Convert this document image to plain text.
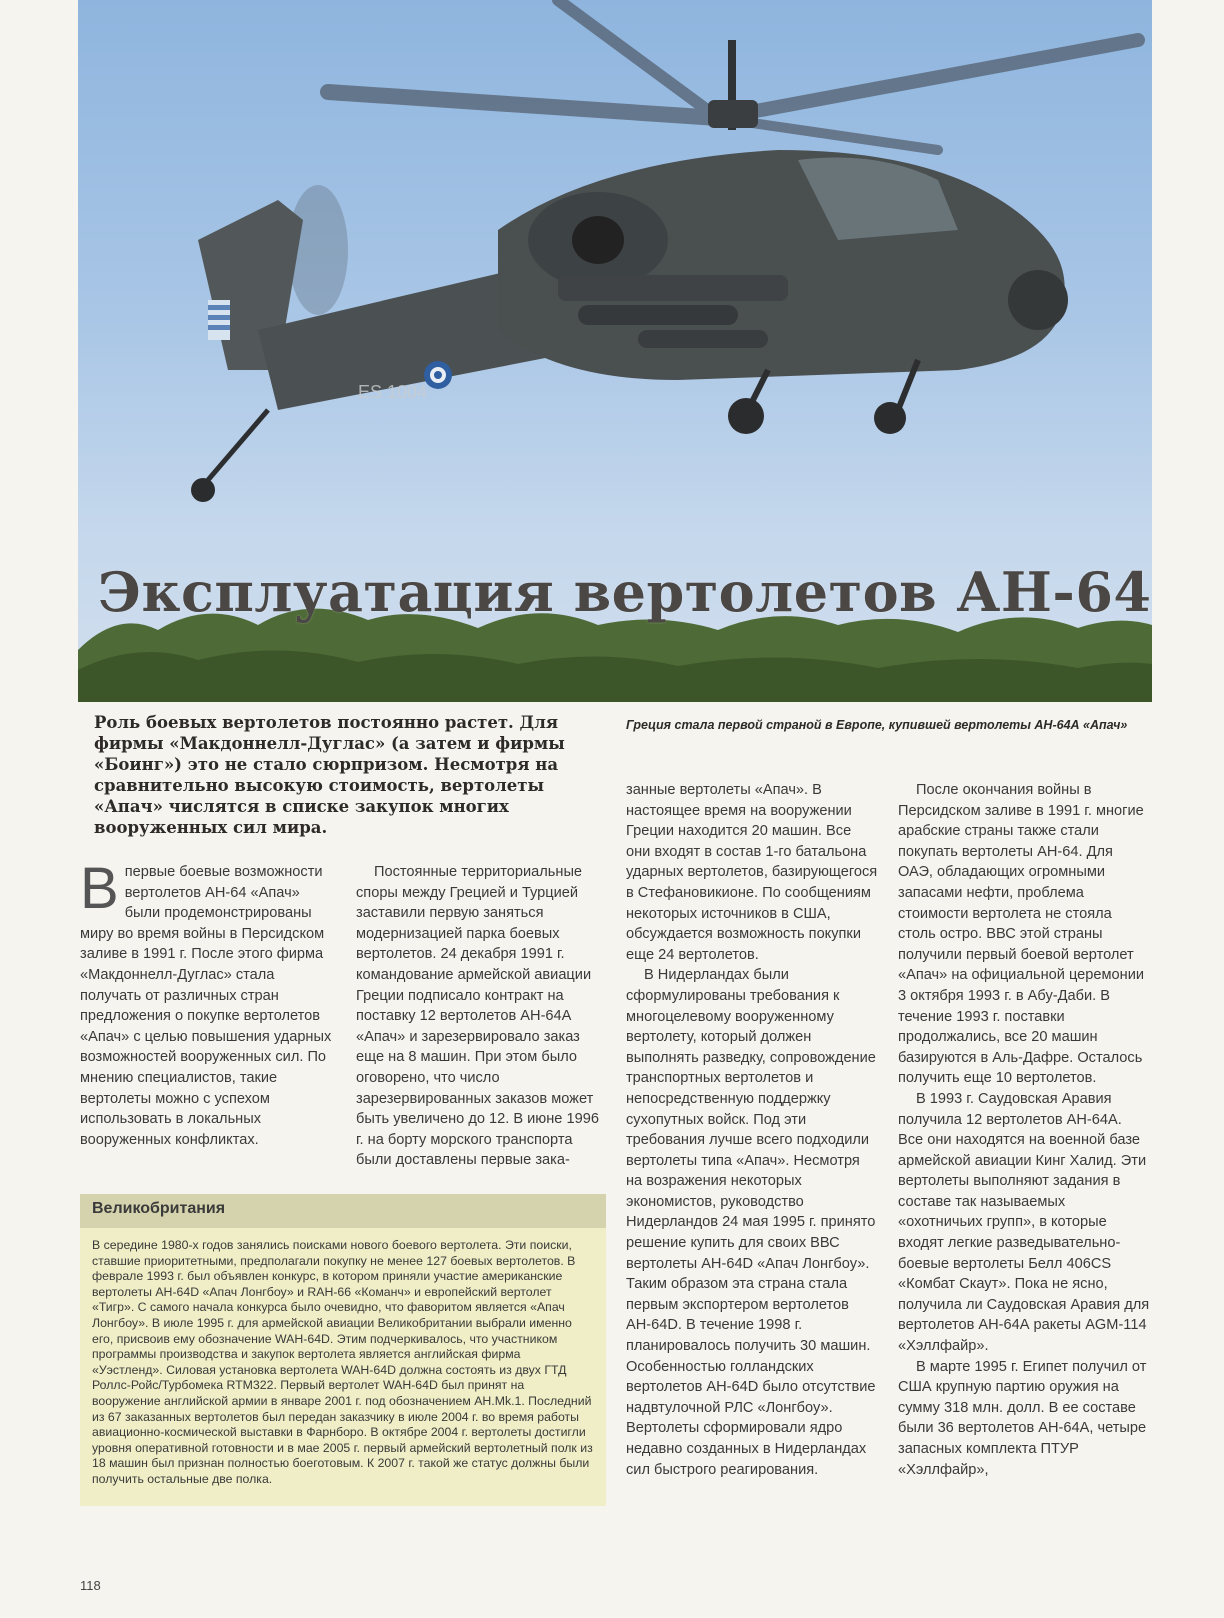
ES 1004
Эксплуатация вертолетов АН-64
Роль боевых вертолетов постоянно растет. Для фирмы «Макдоннелл-Дуглас» (а затем и фирмы «Боинг») это не стало сюрпризом. Несмотря на сравнительно высокую стоимость, вертолеты «Апач» числятся в списке закупок многих вооруженных сил мира.
Греция стала первой страной в Европе, купившей вертолеты АН-64А «Апач»
В первые боевые возможности вертолетов АН-64 «Апач» были продемонстрированы миру во время войны в Персидском заливе в 1991 г. После этого фирма «Макдоннелл-Дуглас» стала получать от различных стран предложения о покупке вертолетов «Апач» с целью повышения ударных возможностей вооруженных сил. По мнению специалистов, такие вертолеты можно с успехом использовать в локальных вооруженных конфликтах.

Постоянные территориальные споры между Грецией и Турцией заставили первую заняться модернизацией парка боевых вертолетов. 24 декабря 1991 г. командование армейской авиации Греции подписало контракт на поставку 12 вертолетов АН-64А «Апач» и зарезервировало заказ еще на 8 машин. При этом было оговорено, что число зарезервированных заказов может быть увеличено до 12. В июне 1996 г. на борту морского транспорта были доставлены первые зака-

занные вертолеты «Апач». В настоящее время на вооружении Греции находится 20 машин. Все они входят в состав 1-го батальона ударных вертолетов, базирующегося в Стефановикионе. По сообщениям некоторых источников в США, обсуждается возможность покупки еще 24 вертолетов.

В Нидерландах были сформулированы требования к многоцелевому вооруженному вертолету, который должен выполнять разведку, сопровождение транспортных вертолетов и непосредственную поддержку сухопутных войск. Под эти требования лучше всего подходили вертолеты типа «Апач». Несмотря на возражения некоторых экономистов, руководство Нидерландов 24 мая 1995 г. принято решение купить для своих ВВС вертолеты АН-64D «Апач Лонгбоу». Таким образом эта страна стала первым экспортером вертолетов АН-64D. В течение 1998 г. планировалось получить 30 машин. Особенностью голландских вертолетов АН-64D было отсутствие надвтулочной РЛС «Лонгбоу». Вертолеты сформировали ядро недавно созданных в Нидерландах сил быстрого реагирования.

После окончания войны в Персидском заливе в 1991 г. многие арабские страны также стали покупать вертолеты АН-64. Для ОАЭ, обладающих огромными запасами нефти, проблема стоимости вертолета не стояла столь остро. ВВС этой страны получили первый боевой вертолет «Апач» на официальной церемонии 3 октября 1993 г. в Абу-Даби. В течение 1993 г. поставки продолжались, все 20 машин базируются в Аль-Дафре. Осталось получить еще 10 вертолетов.

В 1993 г. Саудовская Аравия получила 12 вертолетов АН-64А. Все они находятся на военной базе армейской авиации Кинг Халид. Эти вертолеты выполняют задания в составе так называемых «охотничьих групп», в которые входят легкие разведывательно-боевые вертолеты Белл 406CS «Комбат Скаут». Пока не ясно, получила ли Саудовская Аравия для вертолетов АН-64А ракеты AGM-114 «Хэллфайр».

В марте 1995 г. Египет получил от США крупную партию оружия на сумму 318 млн. долл. В ее составе были 36 вертолетов АН-64А, четыре запасных комплекта ПТУР «Хэллфайр»,

Великобритания
В середине 1980-х годов занялись поисками нового боевого вертолета. Эти поиски, ставшие приоритетными, предполагали покупку не менее 127 боевых вертолетов. В феврале 1993 г. был объявлен конкурс, в котором приняли участие американские вертолеты АН-64D «Апач Лонгбоу» и RAH-66 «Команч» и европейский вертолет «Тигр». С самого начала конкурса было очевидно, что фаворитом является «Апач Лонгбоу». В июле 1995 г. для армейской авиации Великобритании выбрали именно его, присвоив ему обозначение WAH-64D. Этим подчеркивалось, что участником программы производства и закупок вертолета является английская фирма «Уэстленд». Силовая установка вертолета WAH-64D должна состоять из двух ГТД Роллс-Ройс/Турбомека RTM322. Первый вертолет WAH-64D был принят на вооружение английской армии в январе 2001 г. под обозначением АН.Mk.1. Последний из 67 заказанных вертолетов был передан заказчику в июле 2004 г. во время работы авиационно-космической выставки в Фарнборо. В октябре 2004 г. вертолеты достигли уровня оперативной готовности и в мае 2005 г. первый армейский вертолетный полк из 18 машин был признан полностью боеготовым. К 2007 г. такой же статус должны были получить остальные две полка.
118
